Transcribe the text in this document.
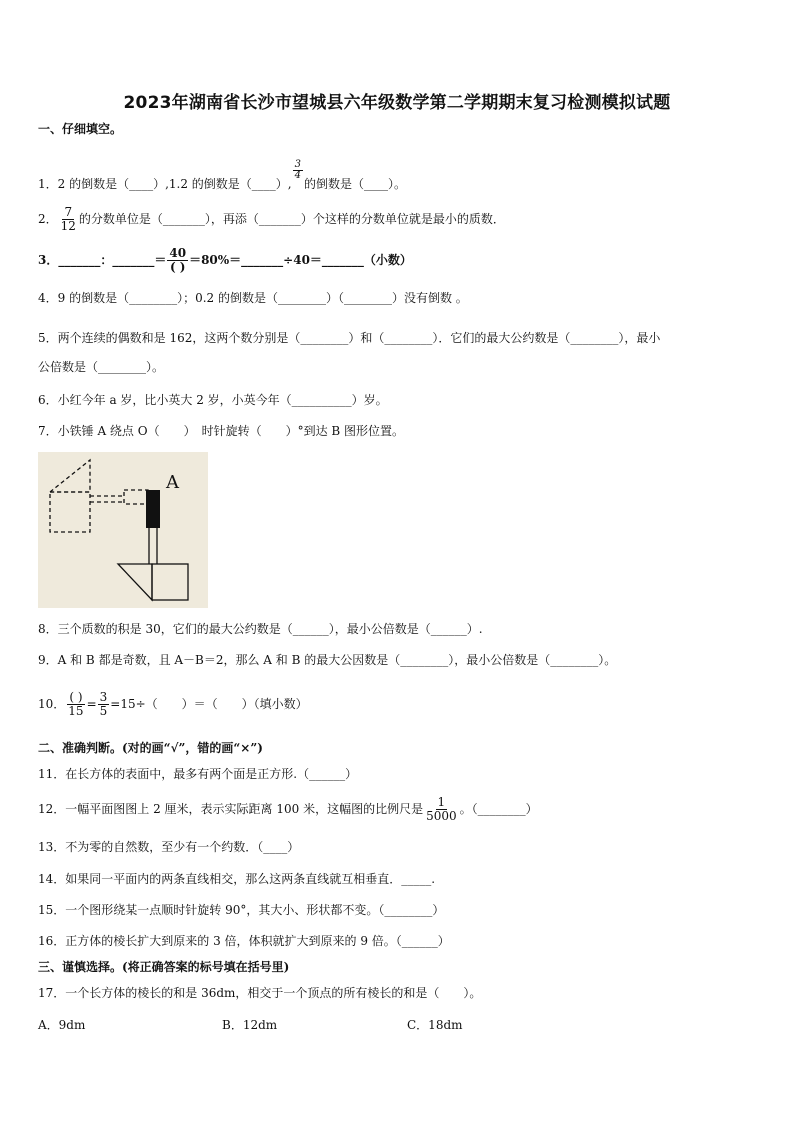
2023年湖南省长沙市望城县六年级数学第二学期期末复习检测模拟试题
一、仔细填空。
1．2 的倒数是（____）,1.2 的倒数是（____）,
$\frac{3}{4}$
的倒数是（____）。
2． $\frac{7}{12}$ 的分数单位是（_______），再添（_______）个这样的分数单位就是最小的质数．
3．_______：_______＝ $\frac{40}{( )}$ ＝80%＝_______÷40＝_______（小数）
4．9 的倒数是（________）；0.2 的倒数是（________）（________）没有倒数 。
5．两个连续的偶数和是 162，这两个数分别是（________）和（________）．它们的最大公约数是（________），最小
公倍数是（________）。
6．小红今年 a 岁，比小英大 2 岁，小英今年（__________）岁。
7．小铁锤 A 绕点 O（　　）　时针旋转（　　）°到达 B 图形位置。
A
8．三个质数的积是 30，它们的最大公约数是（______），最小公倍数是（______）.
9．A 和 B 都是奇数，且 A－B＝2，那么 A 和 B 的最大公因数是（________），最小公倍数是（________）。
10． $\frac{( )}{15} = \frac{3}{5} =15\div$（　　）＝（　　）（填小数）
二、准确判断。(对的画“√”，错的画“×”)
11．在长方体的表面中，最多有两个面是正方形.（______）
12．一幅平面图图上 2 厘米，表示实际距离 100 米，这幅图的比例尺是 $\frac{1}{5000}$ 。（________）
13．不为零的自然数，至少有一个约数．（____）
14．如果同一平面内的两条直线相交，那么这两条直线就互相垂直．_____.
15．一个图形绕某一点顺时针旋转 90°，其大小、形状都不变。（________）
16．正方体的棱长扩大到原来的 3 倍，体积就扩大到原来的 9 倍。（______）
三、谨慎选择。(将正确答案的标号填在括号里)
17．一个长方体的棱长的和是 36dm，相交于一个顶点的所有棱长的和是（　　）。
A．9dm	B．12dm	C．18dm
